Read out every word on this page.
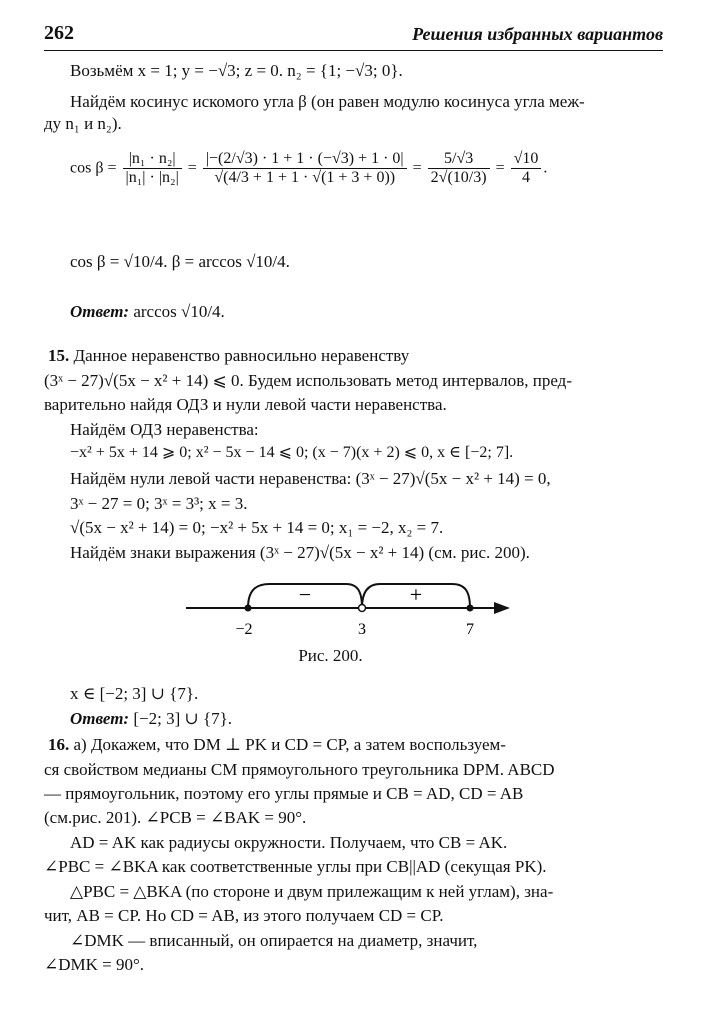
262	Решения избранных вариантов
Возьмём x = 1; y = −√3; z = 0. n₂ = {1; −√3; 0}.
Найдём косинус искомого угла β (он равен модулю косинуса угла меж-
ду n₁ и n₂).
$\cos \beta = \frac{\text{|n₁ · n₂|}}{\text{|n₁| · |n₂|}} = \frac{|-(2/√3) \cdot 1 + 1 \cdot (-√3) + 1 \cdot 0|}{√(4/3 + 1 + 1 \cdot √(1 + 3 + 0))} = \frac{5/√3}{2√(10/3)} = \frac{√10}{4}$ .
cos β = √10/4. β = arccos √10/4.
Ответ: arccos √10/4.
15. Данное неравенство равносильно неравенству
(3ˣ − 27)√(5x − x² + 14) ⩽ 0. Будем использовать метод интервалов, пред-
варительно найдя ОДЗ и нули левой части неравенства.
Найдём ОДЗ неравенства:
−x² + 5x + 14 ⩾ 0; x² − 5x − 14 ⩽ 0; (x − 7)(x + 2) ⩽ 0, x ∈ [−2; 7].
Найдём нули левой части неравенства: (3ˣ − 27)√(5x − x² + 14) = 0,
3ˣ − 27 = 0; 3ˣ = 3³; x = 3.
√(5x − x² + 14) = 0; −x² + 5x + 14 = 0; x₁ = −2, x₂ = 7.
Найдём знаки выражения (3ˣ − 27)√(5x − x² + 14) (см. рис. 200).
−	+
−2	3	7
Рис. 200.
x ∈ [−2; 3] ∪ {7}.
Ответ: [−2; 3] ∪ {7}.
16. а) Докажем, что DM ⊥ PK и CD = CP, а затем воспользуем-
ся свойством медианы CM прямоугольного треугольника DPM. ABCD
— прямоугольник, поэтому его углы прямые и CB = AD, CD = AB
(см.рис. 201). ∠PCB = ∠BAK = 90°.
AD = AK как радиусы окружности. Получаем, что CB = AK.
∠PBC = ∠BKA как соответственные углы при CB||AD (секущая PK).
△PBC = △BKA (по стороне и двум прилежащим к ней углам), зна-
чит, AB = CP. Но CD = AB, из этого получаем CD = CP.
∠DMK — вписанный, он опирается на диаметр, значит,
∠DMK = 90°.
